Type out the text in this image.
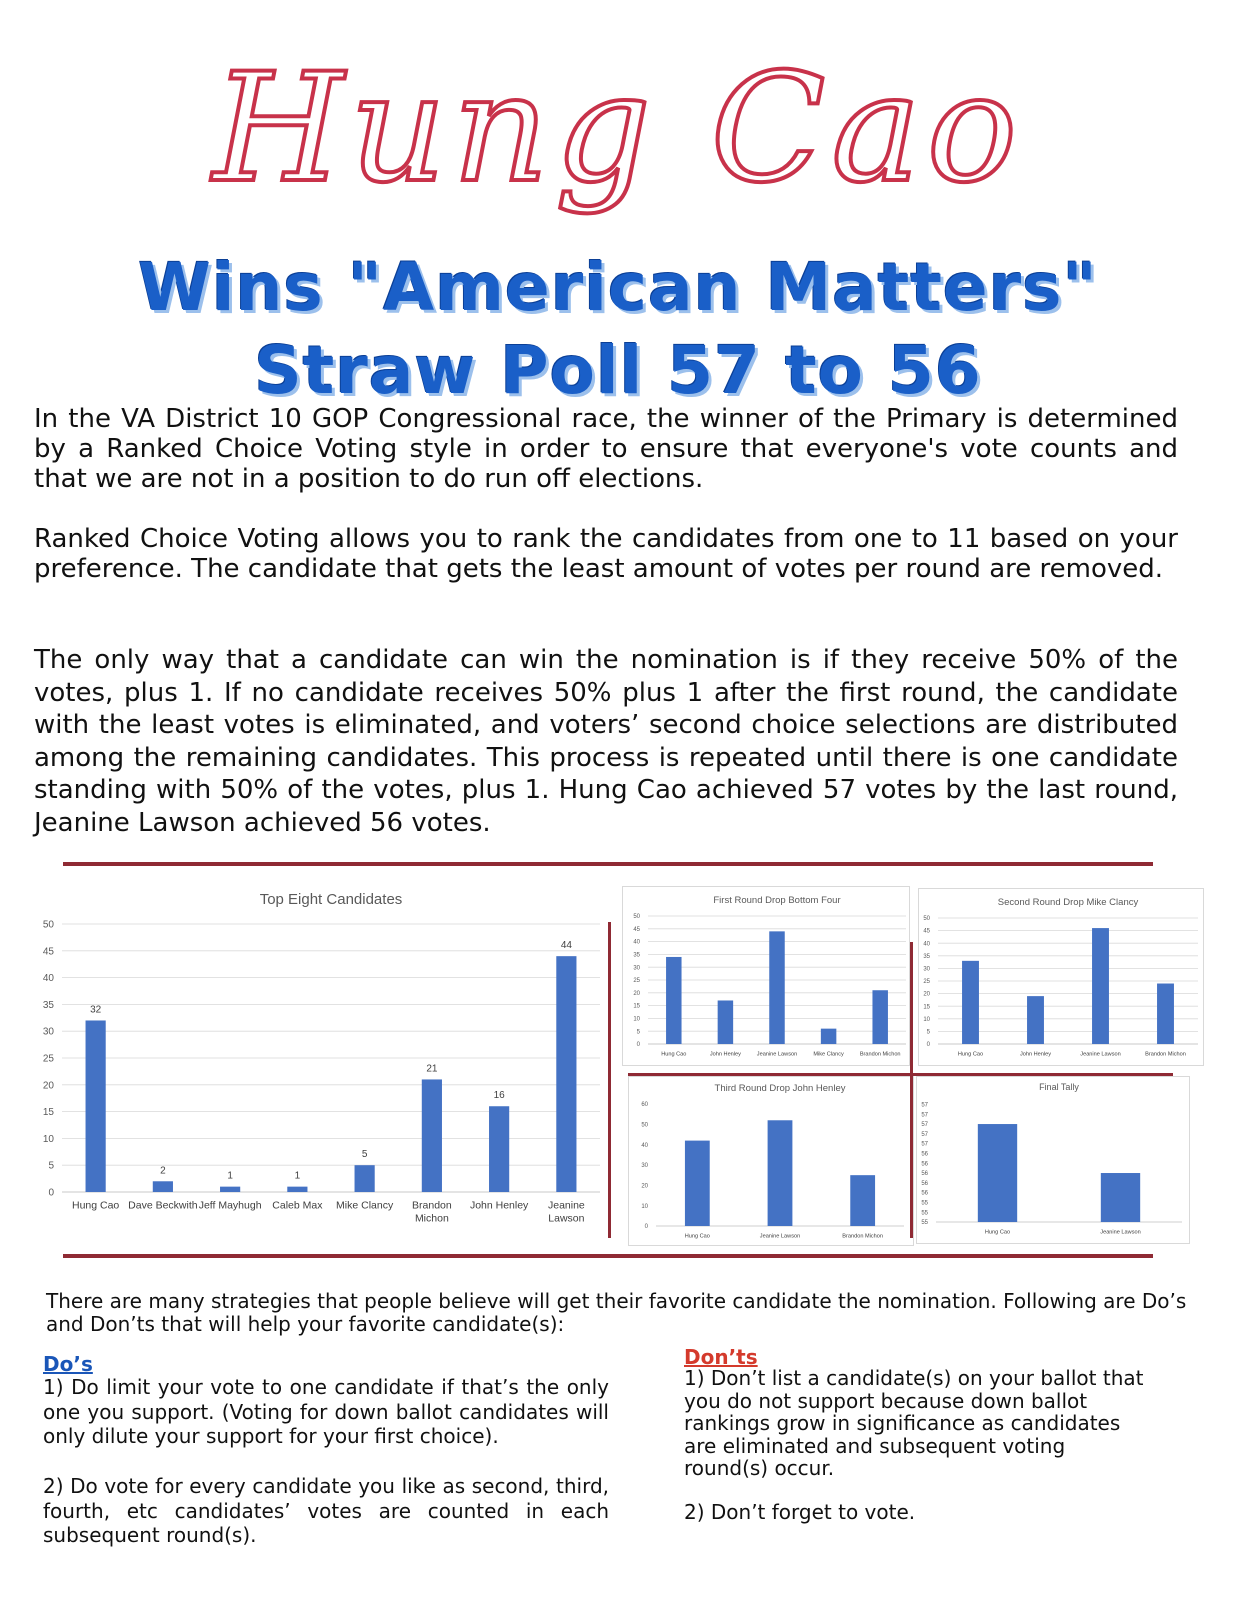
Hung Cao
Wins "American Matters"
Straw Poll 57 to 56
In the VA District 10 GOP Congressional race, the winner of the Primary is determined by a Ranked Choice Voting style in order to ensure that everyone's vote counts and that we are not in a position to do run off elections.
Ranked Choice Voting allows you to rank the candidates from one to 11 based on your preference. The candidate that gets the least amount of votes per round are removed.
The only way that a candidate can win the nomination is if they receive 50% of the votes, plus 1. If no candidate receives 50% plus 1 after the first round, the candidate with the least votes is eliminated, and voters’ second choice selections are distributed among the remaining candidates. This process is repeated until there is one candidate standing with 50% of the votes, plus 1. Hung Cao achieved 57 votes by the last round, Jeanine Lawson achieved 56 votes.
Top Eight Candidates
0
5
10
15
20
25
30
35
40
45
50
32
Hung Cao
2
Dave Beckwith
1
Jeff Mayhugh
1
Caleb Max
5
Mike Clancy
21
Brandon
Michon
16
John Henley
44
Jeanine
Lawson
First Round Drop Bottom Four
0
5
10
15
20
25
30
35
40
45
50
Hung Cao	John Henley	Jeanine Lawson	Mike Clancy	Brandon Michon
Second Round Drop Mike Clancy
0
5
10
15
20
25
30
35
40
45
50
Hung Cao	John Henley	Jeanine Lawson	Brandon Michon
Third Round Drop John Henley
0
10
20
30
40
50
60
Hung Cao	Jeanine Lawson	Brandon Michon
Final Tally
55
55
55
56
56
56
56
56
57
57
57
57
57
Hung Cao	Jeanine Lawson
There are many strategies that people believe will get their favorite candidate the nomination. Following are Do’s and Don’ts that will help your favorite candidate(s):
Do’s
1) Do limit your vote to one candidate if that’s the only one you support. (Voting for down ballot candidates will only dilute your support for your first choice).
2) Do vote for every candidate you like as second, third, fourth, etc candidates’ votes are counted in each subsequent round(s).
Don’ts
1) Don’t list a candidate(s) on your ballot that you do not support because down ballot rankings grow in significance as candidates are eliminated and subsequent voting round(s) occur.
2) Don’t forget to vote.
